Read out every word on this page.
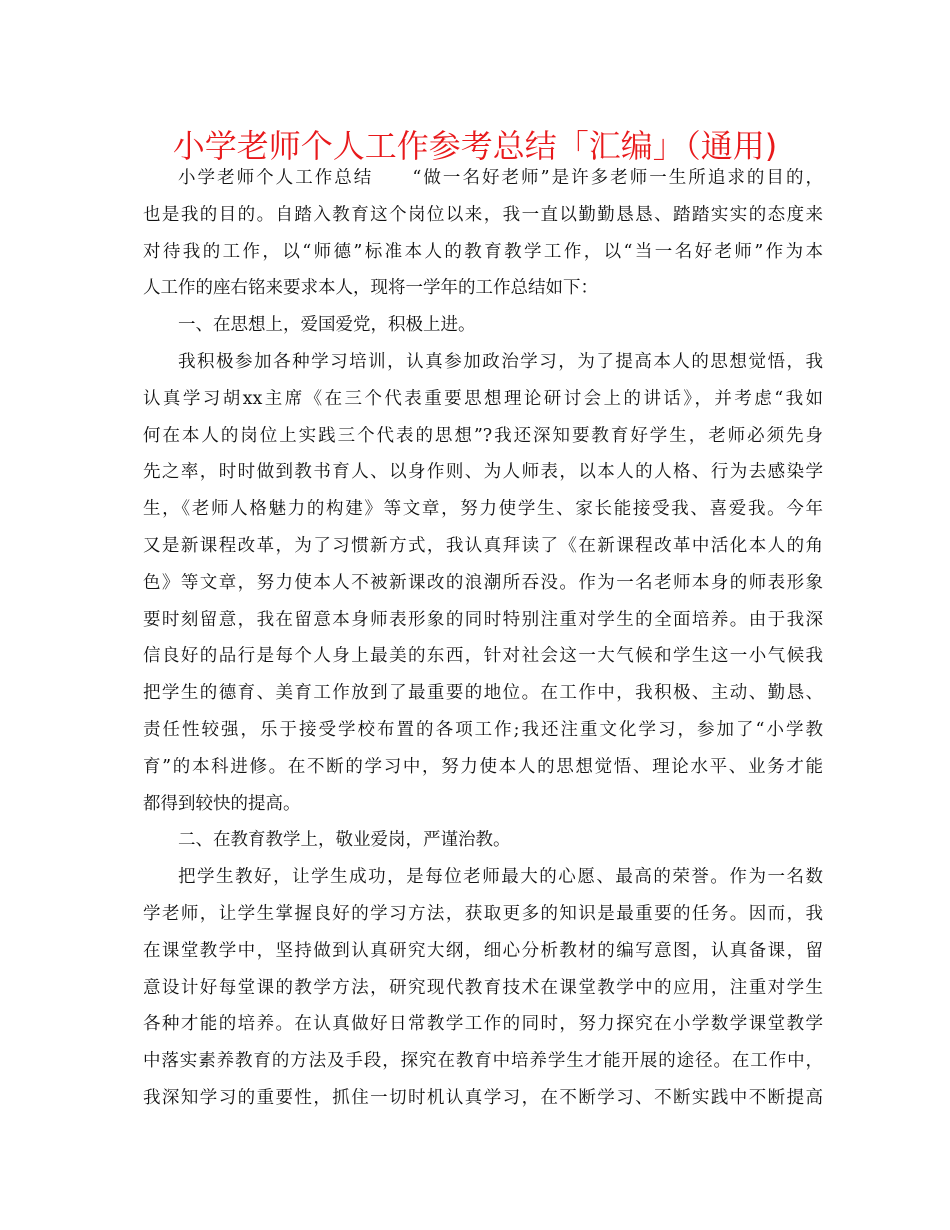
小学老师个人工作参考总结「汇编」（通用)
小学老师个人工作总结　　“做一名好老师”是许多老师一生所追求的目的，
也是我的目的。自踏入教育这个岗位以来，我一直以勤勤恳恳、踏踏实实的态度来
对待我的工作，以“师德”标准本人的教育教学工作，以“当一名好老师”作为本
人工作的座右铭来要求本人，现将一学年的工作总结如下：
一、在思想上，爱国爱党，积极上进。
我积极参加各种学习培训，认真参加政治学习，为了提高本人的思想觉悟，我
认真学习胡xx主席《在三个代表重要思想理论研讨会上的讲话》，并考虑“我如
何在本人的岗位上实践三个代表的思想”?我还深知要教育好学生，老师必须先身
先之率，时时做到教书育人、以身作则、为人师表，以本人的人格、行为去感染学
生，《老师人格魅力的构建》等文章，努力使学生、家长能接受我、喜爱我。今年
又是新课程改革，为了习惯新方式，我认真拜读了《在新课程改革中活化本人的角
色》等文章，努力使本人不被新课改的浪潮所吞没。作为一名老师本身的师表形象
要时刻留意，我在留意本身师表形象的同时特别注重对学生的全面培养。由于我深
信良好的品行是每个人身上最美的东西，针对社会这一大气候和学生这一小气候我
把学生的德育、美育工作放到了最重要的地位。在工作中，我积极、主动、勤恳、
责任性较强，乐于接受学校布置的各项工作;我还注重文化学习，参加了“小学教
育”的本科进修。在不断的学习中，努力使本人的思想觉悟、理论水平、业务才能
都得到较快的提高。
二、在教育教学上，敬业爱岗，严谨治教。
把学生教好，让学生成功，是每位老师最大的心愿、最高的荣誉。作为一名数
学老师，让学生掌握良好的学习方法，获取更多的知识是最重要的任务。因而，我
在课堂教学中，坚持做到认真研究大纲，细心分析教材的编写意图，认真备课，留
意设计好每堂课的教学方法，研究现代教育技术在课堂教学中的应用，注重对学生
各种才能的培养。在认真做好日常教学工作的同时，努力探究在小学数学课堂教学
中落实素养教育的方法及手段，探究在教育中培养学生才能开展的途径。在工作中，
我深知学习的重要性，抓住一切时机认真学习，在不断学习、不断实践中不断提高
